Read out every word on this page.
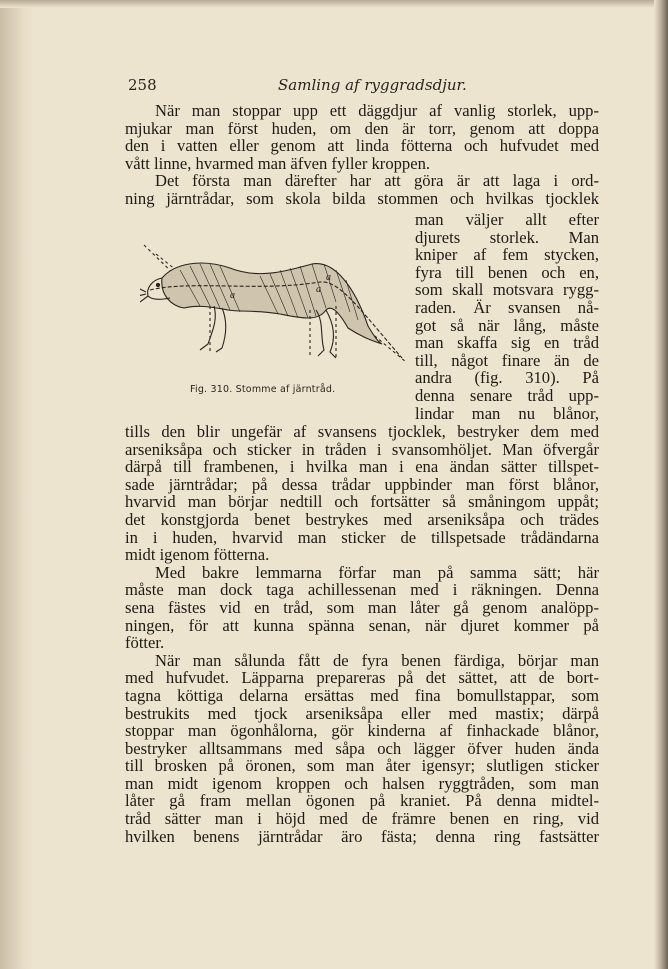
258	Samling af ryggradsdjur.
När man stoppar upp ett däggdjur af vanlig storlek, upp-
mjukar man först huden, om den är torr, genom att doppa
den i vatten eller genom att linda fötterna och hufvudet med
vått linne, hvarmed man äfven fyller kroppen.
Det första man därefter har att göra är att laga i ord-
ning järntrådar, som skola bilda stommen och hvilkas tjocklek
man väljer allt efter
djurets storlek. Man
kniper af fem stycken,
fyra till benen och en,
som skall motsvara rygg-
raden. Är svansen nå-
got så när lång, måste
man skaffa sig en tråd
till, något finare än de
andra (fig. 310). På
denna senare tråd upp-
lindar man nu blånor,
a
a
a
Fig. 310. Stomme af järntråd.
tills den blir ungefär af svansens tjocklek, bestryker dem med
arseniksåpa och sticker in tråden i svansomhöljet. Man öfvergår
därpå till frambenen, i hvilka man i ena ändan sätter tillspet-
sade järntrådar; på dessa trådar uppbinder man först blånor,
hvarvid man börjar nedtill och fortsätter så småningom uppåt;
det konstgjorda benet bestrykes med arseniksåpa och trädes
in i huden, hvarvid man sticker de tillspetsade trådändarna
midt igenom fötterna.
Med bakre lemmarna förfar man på samma sätt; här
måste man dock taga achillessenan med i räkningen. Denna
sena fästes vid en tråd, som man låter gå genom analöpp-
ningen, för att kunna spänna senan, när djuret kommer på
fötter.
När man sålunda fått de fyra benen färdiga, börjar man
med hufvudet. Läpparna prepareras på det sättet, att de bort-
tagna köttiga delarna ersättas med fina bomullstappar, som
bestrukits med tjock arseniksåpa eller med mastix; därpå
stoppar man ögonhålorna, gör kinderna af finhackade blånor,
bestryker alltsammans med såpa och lägger öfver huden ända
till brosken på öronen, som man åter igensyr; slutligen sticker
man midt igenom kroppen och halsen ryggtråden, som man
låter gå fram mellan ögonen på kraniet. På denna midtel-
tråd sätter man i höjd med de främre benen en ring, vid
hvilken benens järntrådar äro fästa; denna ring fastsätter
